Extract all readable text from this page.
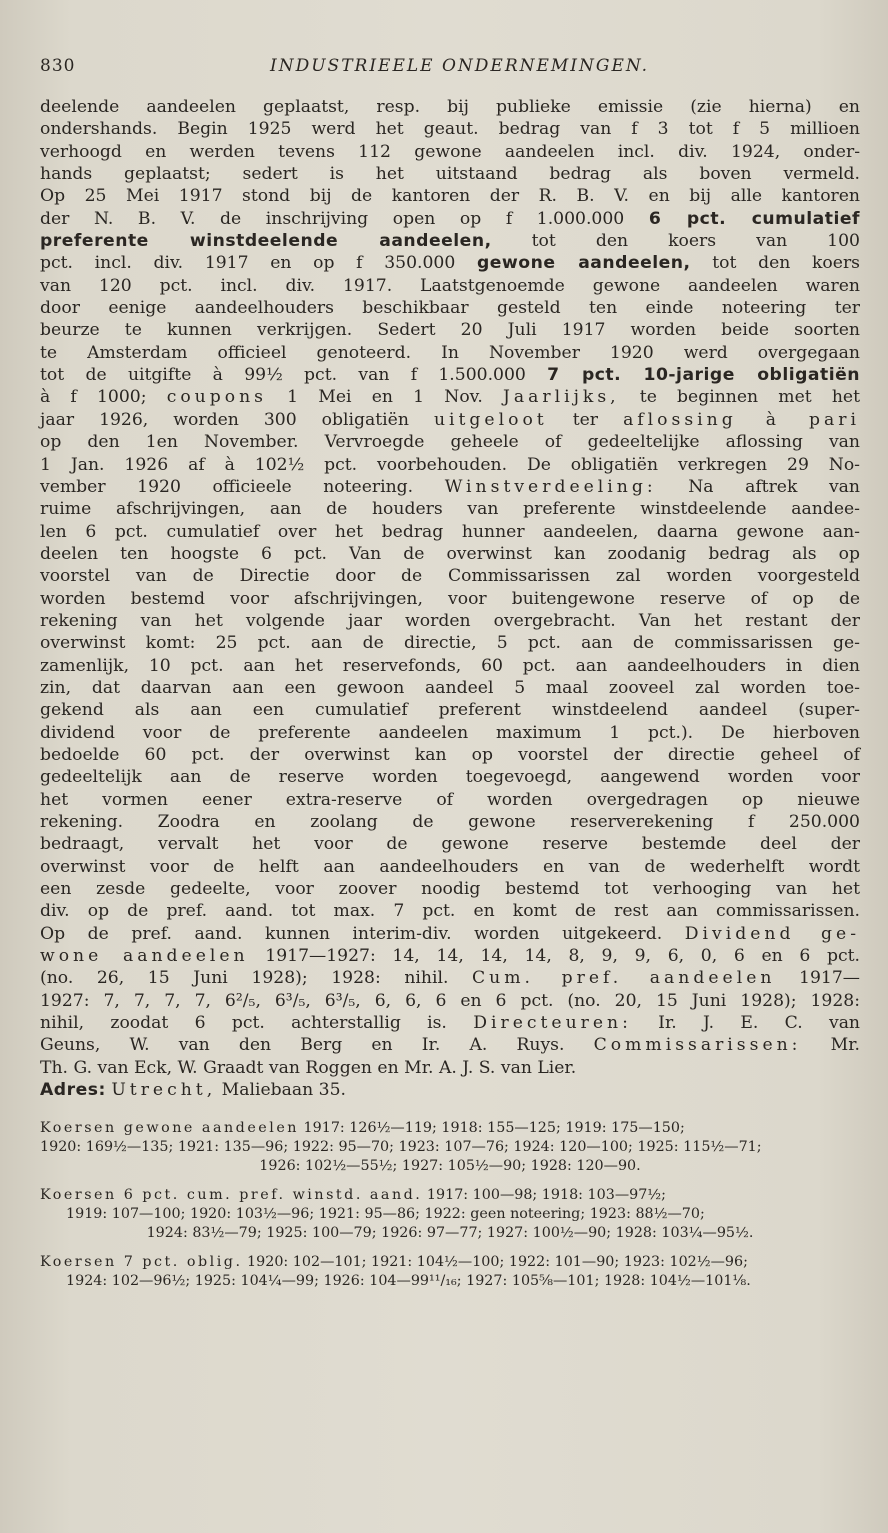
830	INDUSTRIEELE ONDERNEMINGEN.
deelende aandeelen geplaatst, resp. bij publieke emissie (zie hierna) en
ondershands. Begin 1925 werd het geaut. bedrag van f 3 tot f 5 millioen
verhoogd en werden tevens 112 gewone aandeelen incl. div. 1924, onder-
hands geplaatst; sedert is het uitstaand bedrag als boven vermeld.
Op 25 Mei 1917 stond bij de kantoren der R. B. V. en bij alle kantoren
der N. B. V. de inschrijving open op f 1.000.000 6 pct. cumulatief
preferente winstdeelende aandeelen, tot den koers van 100
pct. incl. div. 1917 en op f 350.000 gewone aandeelen, tot den koers
van 120 pct. incl. div. 1917. Laatstgenoemde gewone aandeelen waren
door eenige aandeelhouders beschikbaar gesteld ten einde noteering ter
beurze te kunnen verkrijgen. Sedert 20 Juli 1917 worden beide soorten
te Amsterdam officieel genoteerd. In November 1920 werd overgegaan
tot de uitgifte à 99½ pct. van f 1.500.000 7 pct. 10-jarige obligatiën
à f 1000; coupons 1 Mei en 1 Nov. Jaarlijks, te beginnen met het
jaar 1926, worden 300 obligatiën uitgeloot ter aflossing à pari
op den 1en November. Vervroegde geheele of gedeeltelijke aflossing van
1 Jan. 1926 af à 102½ pct. voorbehouden. De obligatiën verkregen 29 No-
vember 1920 officieele noteering. Winstverdeeling: Na aftrek van
ruime afschrijvingen, aan de houders van preferente winstdeelende aandee-
len 6 pct. cumulatief over het bedrag hunner aandeelen, daarna gewone aan-
deelen ten hoogste 6 pct. Van de overwinst kan zoodanig bedrag als op
voorstel van de Directie door de Commissarissen zal worden voorgesteld
worden bestemd voor afschrijvingen, voor buitengewone reserve of op de
rekening van het volgende jaar worden overgebracht. Van het restant der
overwinst komt: 25 pct. aan de directie, 5 pct. aan de commissarissen ge-
zamenlijk, 10 pct. aan het reservefonds, 60 pct. aan aandeelhouders in dien
zin, dat daarvan aan een gewoon aandeel 5 maal zooveel zal worden toe-
gekend als aan een cumulatief preferent winstdeelend aandeel (super-
dividend voor de preferente aandeelen maximum 1 pct.). De hierboven
bedoelde 60 pct. der overwinst kan op voorstel der directie geheel of
gedeeltelijk aan de reserve worden toegevoegd, aangewend worden voor
het vormen eener extra-reserve of worden overgedragen op nieuwe
rekening. Zoodra en zoolang de gewone reserverekening f 250.000
bedraagt, vervalt het voor de gewone reserve bestemde deel der
overwinst voor de helft aan aandeelhouders en van de wederhelft wordt
een zesde gedeelte, voor zoover noodig bestemd tot verhooging van het
div. op de pref. aand. tot max. 7 pct. en komt de rest aan commissarissen.
Op de pref. aand. kunnen interim-div. worden uitgekeerd. Dividend ge-
wone aandeelen 1917—1927: 14, 14, 14, 14, 8, 9, 9, 6, 0, 6 en 6 pct.
(no. 26, 15 Juni 1928); 1928: nihil. Cum. pref. aandeelen 1917—
1927: 7, 7, 7, 7, 6²/₅, 6³/₅, 6³/₅, 6, 6, 6 en 6 pct. (no. 20, 15 Juni 1928); 1928:
nihil, zoodat 6 pct. achterstallig is. Directeuren: Ir. J. E. C. van
Geuns, W. van den Berg en Ir. A. Ruys. Commissarissen: Mr.
Th. G. van Eck, W. Graadt van Roggen en Mr. A. J. S. van Lier.
Adres: Utrecht, Maliebaan 35.
Koersen gewone aandeelen 1917: 126½—119; 1918: 155—125; 1919: 175—150;
1920: 169½—135; 1921: 135—96; 1922: 95—70; 1923: 107—76; 1924: 120—100; 1925: 115½—71;
1926: 102½—55½; 1927: 105½—90; 1928: 120—90.
Koersen 6 pct. cum. pref. winstd. aand. 1917: 100—98; 1918: 103—97½;
1919: 107—100; 1920: 103½—96; 1921: 95—86; 1922: geen noteering; 1923: 88½—70;
1924: 83½—79; 1925: 100—79; 1926: 97—77; 1927: 100½—90; 1928: 103¼—95½.
Koersen 7 pct. oblig. 1920: 102—101; 1921: 104½—100; 1922: 101—90; 1923: 102½—96;
1924: 102—96½; 1925: 104¼—99; 1926: 104—99¹¹/₁₆; 1927: 105⅝—101; 1928: 104½—101⅛.
